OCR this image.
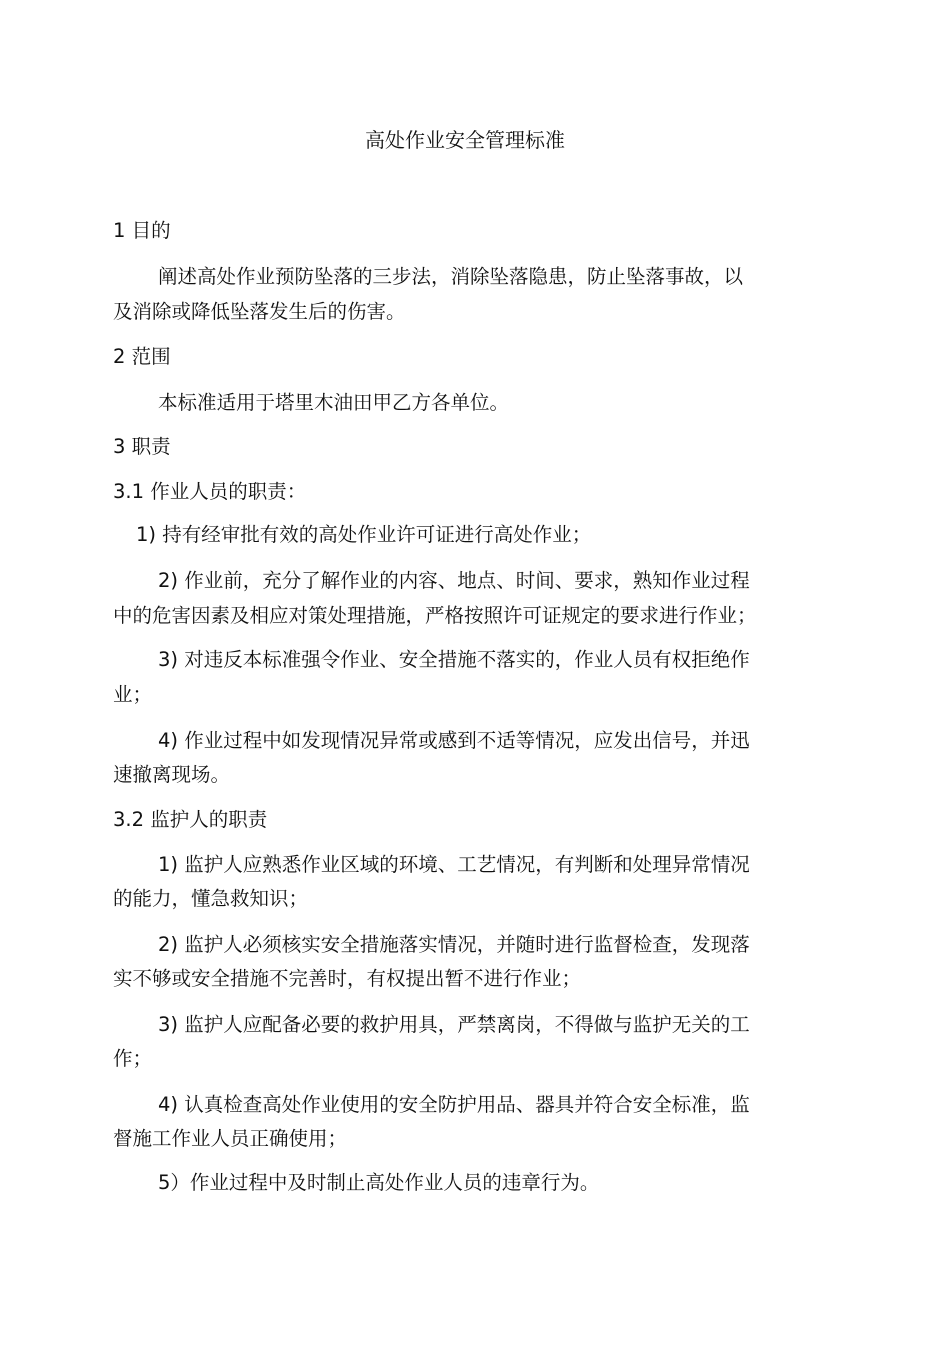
高处作业安全管理标准
1 目的
阐述高处作业预防坠落的三步法，消除坠落隐患，防止坠落事故，以
及消除或降低坠落发生后的伤害。
2 范围
本标准适用于塔里木油田甲乙方各单位。
3 职责
3.1 作业人员的职责：
1) 持有经审批有效的高处作业许可证进行高处作业；
2) 作业前，充分了解作业的内容、地点、时间、要求，熟知作业过程
中的危害因素及相应对策处理措施，严格按照许可证规定的要求进行作业；
3) 对违反本标准强令作业、安全措施不落实的，作业人员有权拒绝作
业；
4) 作业过程中如发现情况异常或感到不适等情况，应发出信号，并迅
速撤离现场。
3.2 监护人的职责
1) 监护人应熟悉作业区域的环境、工艺情况，有判断和处理异常情况
的能力，懂急救知识；
2) 监护人必须核实安全措施落实情况，并随时进行监督检查，发现落
实不够或安全措施不完善时，有权提出暂不进行作业；
3) 监护人应配备必要的救护用具，严禁离岗，不得做与监护无关的工
作；
4) 认真检查高处作业使用的安全防护用品、器具并符合安全标准，监
督施工作业人员正确使用；
5）作业过程中及时制止高处作业人员的违章行为。
